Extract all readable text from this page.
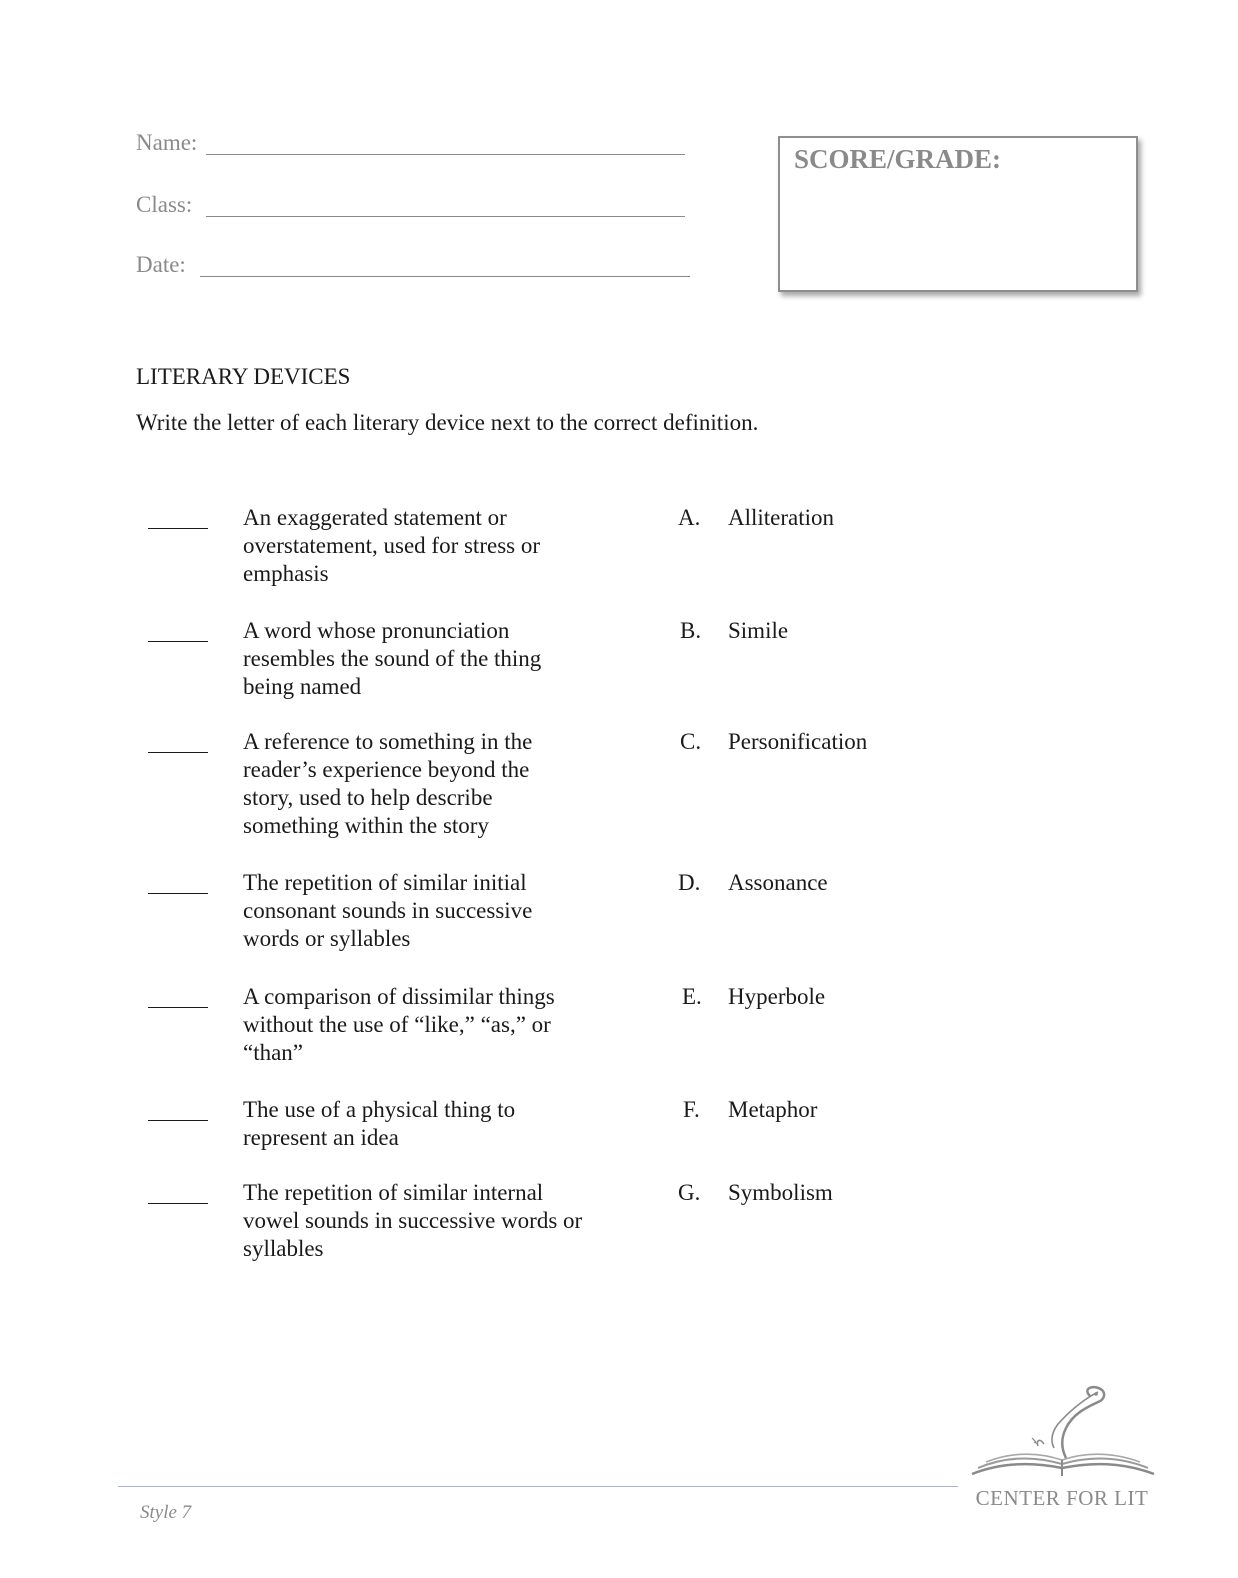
Name:
Class:
Date:
SCORE/GRADE:
LITERARY DEVICES
Write the letter of each literary device next to the correct definition.
An exaggerated statement or overstatement, used for stress or emphasis
A. Alliteration
A word whose pronunciation resembles the sound of the thing being named
B. Simile
A reference to something in the reader’s experience beyond the story, used to help describe something within the story
C. Personification
The repetition of similar initial consonant sounds in successive words or syllables
D. Assonance
A comparison of dissimilar things without the use of “like,” “as,” or “than”
E. Hyperbole
The use of a physical thing to represent an idea
F. Metaphor
The repetition of similar internal vowel sounds in successive words or syllables
G. Symbolism
Style 7
CENTER FOR LIT
